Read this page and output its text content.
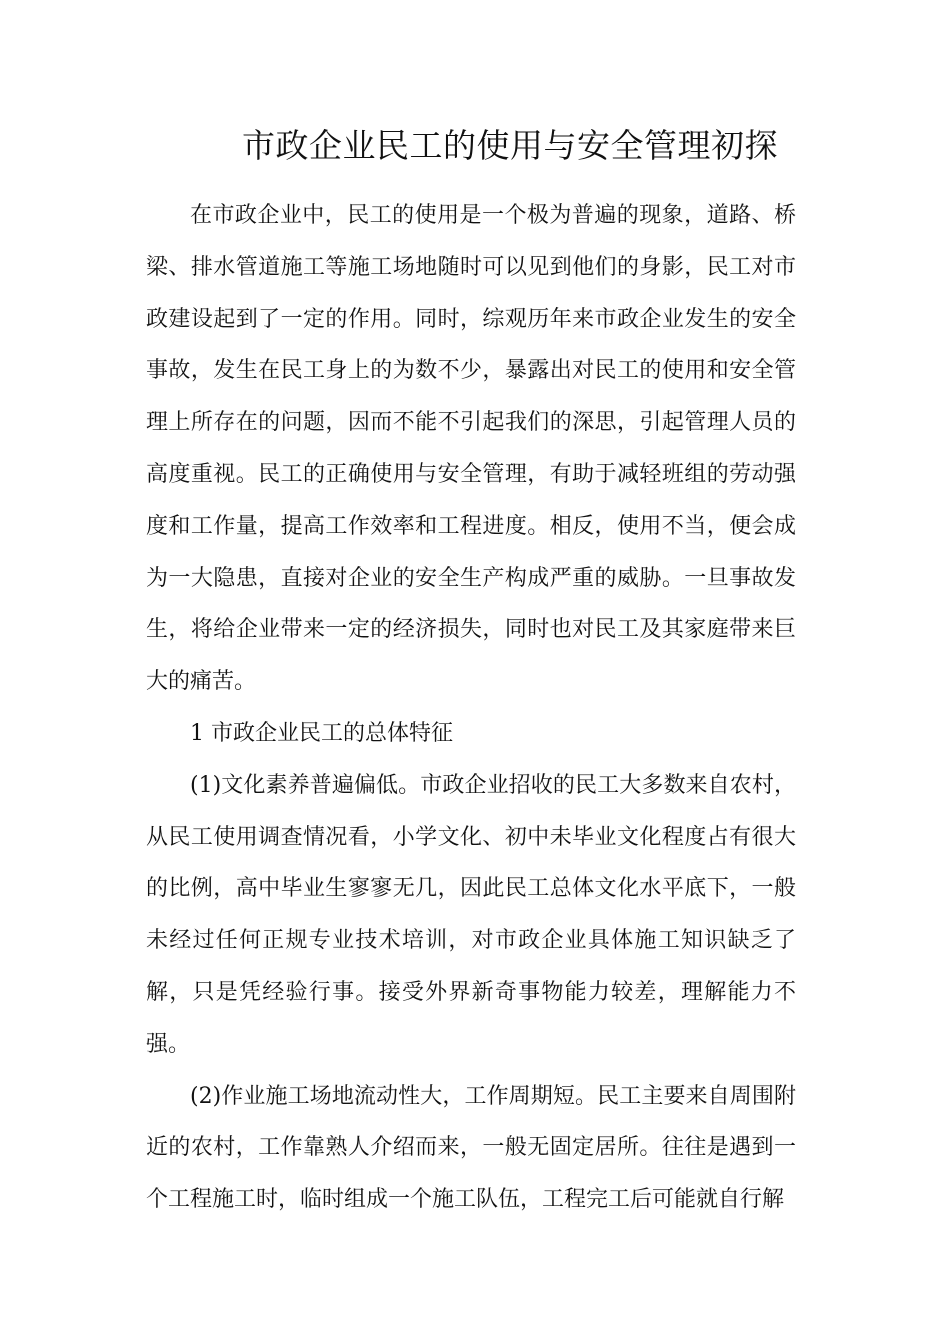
市政企业民工的使用与安全管理初探

在市政企业中，民工的使用是一个极为普遍的现象，道路、桥梁、排水管道施工等施工场地随时可以见到他们的身影，民工对市政建设起到了一定的作用。同时，综观历年来市政企业发生的安全事故，发生在民工身上的为数不少，暴露出对民工的使用和安全管理上所存在的问题，因而不能不引起我们的深思，引起管理人员的高度重视。民工的正确使用与安全管理，有助于减轻班组的劳动强度和工作量，提高工作效率和工程进度。相反，使用不当，便会成为一大隐患，直接对企业的安全生产构成严重的威胁。一旦事故发生，将给企业带来一定的经济损失，同时也对民工及其家庭带来巨大的痛苦。

1 市政企业民工的总体特征

(1)文化素养普遍偏低。市政企业招收的民工大多数来自农村，从民工使用调查情况看，小学文化、初中未毕业文化程度占有很大的比例，高中毕业生寥寥无几，因此民工总体文化水平底下，一般未经过任何正规专业技术培训，对市政企业具体施工知识缺乏了解，只是凭经验行事。接受外界新奇事物能力较差，理解能力不强。

(2)作业施工场地流动性大，工作周期短。民工主要来自周围附近的农村，工作靠熟人介绍而来，一般无固定居所。往往是遇到一个工程施工时，临时组成一个施工队伍，工程完工后可能就自行解
